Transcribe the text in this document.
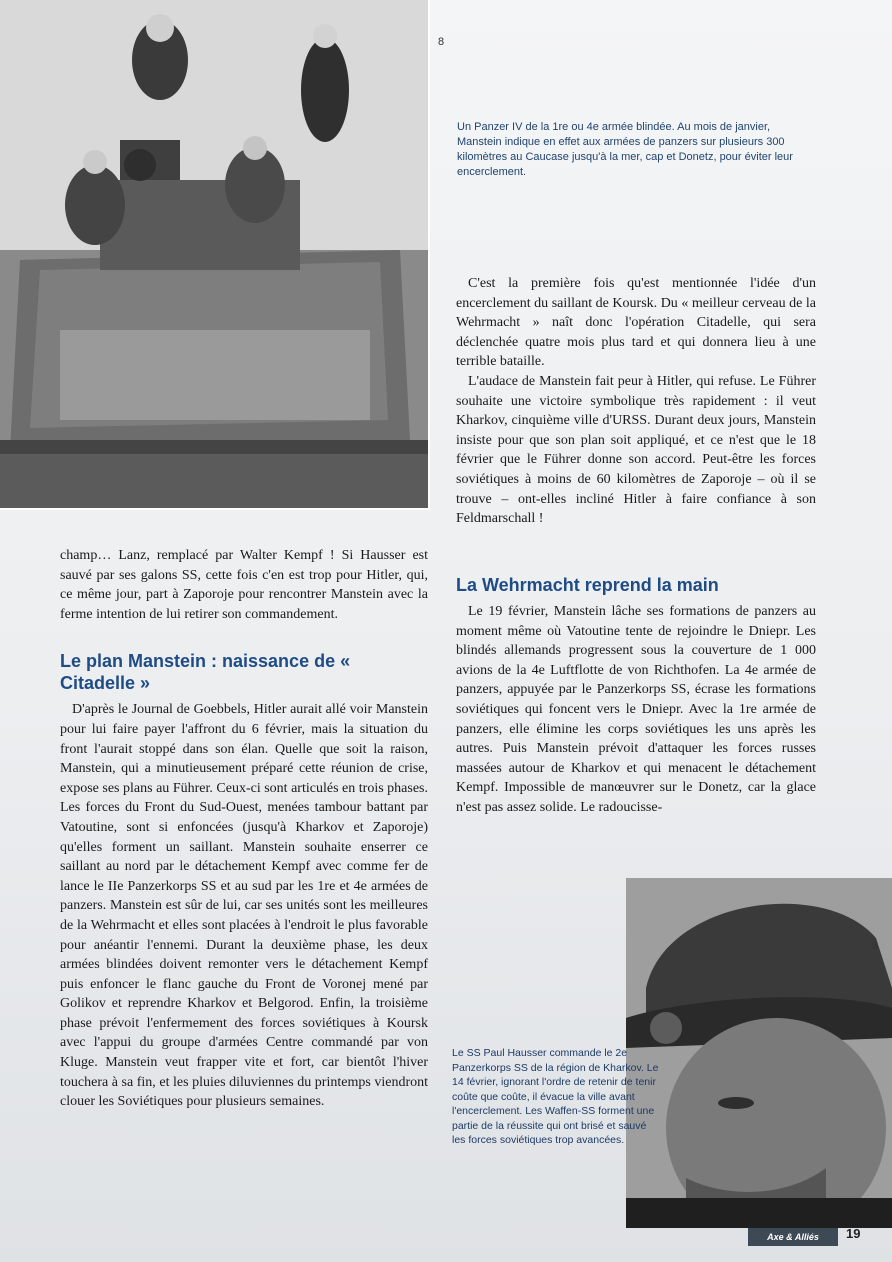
8
Un Panzer IV de la 1re ou 4e armée blindée. Au mois de janvier, Manstein indique en effet aux armées de panzers sur plusieurs 300 kilomètres au Caucase jusqu'à la mer, cap et Donetz, pour éviter leur encerclement.

C'est la première fois qu'est mentionnée l'idée d'un encerclement du saillant de Koursk. Du « meilleur cerveau de la Wehrmacht » naît donc l'opération Citadelle, qui sera déclenchée quatre mois plus tard et qui donnera lieu à une terrible bataille.

L'audace de Manstein fait peur à Hitler, qui refuse. Le Führer souhaite une victoire symbolique très rapidement : il veut Kharkov, cinquième ville d'URSS. Durant deux jours, Manstein insiste pour que son plan soit appliqué, et ce n'est que le 18 février que le Führer donne son accord. Peut-être les forces soviétiques à moins de 60 kilomètres de Zaporoje – où il se trouve – ont-elles incliné Hitler à faire confiance à son Feldmarschall !

champ… Lanz, remplacé par Walter Kempf ! Si Hausser est sauvé par ses galons SS, cette fois c'en est trop pour Hitler, qui, ce même jour, part à Zaporoje pour rencontrer Manstein avec la ferme intention de lui retirer son commandement.

Le plan Manstein : naissance de « Citadelle »

D'après le Journal de Goebbels, Hitler aurait allé voir Manstein pour lui faire payer l'affront du 6 février, mais la situation du front l'aurait stoppé dans son élan. Quelle que soit la raison, Manstein, qui a minutieusement préparé cette réunion de crise, expose ses plans au Führer. Ceux-ci sont articulés en trois phases. Les forces du Front du Sud-Ouest, menées tambour battant par Vatoutine, sont si enfoncées (jusqu'à Kharkov et Zaporoje) qu'elles forment un saillant. Manstein souhaite enserrer ce saillant au nord par le détachement Kempf avec comme fer de lance le IIe Panzerkorps SS et au sud par les 1re et 4e armées de panzers. Manstein est sûr de lui, car ses unités sont les meilleures de la Wehrmacht et elles sont placées à l'endroit le plus favorable pour anéantir l'ennemi. Durant la deuxième phase, les deux armées blindées doivent remonter vers le détachement Kempf puis enfoncer le flanc gauche du Front de Voronej mené par Golikov et reprendre Kharkov et Belgorod. Enfin, la troisième phase prévoit l'enfermement des forces soviétiques à Koursk avec l'appui du groupe d'armées Centre commandé par von Kluge. Manstein veut frapper vite et fort, car bientôt l'hiver touchera à sa fin, et les pluies diluviennes du printemps viendront clouer les Soviétiques pour plusieurs semaines.

La Wehrmacht reprend la main

Le 19 février, Manstein lâche ses formations de panzers au moment même où Vatoutine tente de rejoindre le Dniepr. Les blindés allemands progressent sous la couverture de 1 000 avions de la 4e Luftflotte de von Richthofen. La 4e armée de panzers, appuyée par le Panzerkorps SS, écrase les formations soviétiques qui foncent vers le Dniepr. Avec la 1re armée de panzers, elle élimine les corps soviétiques les uns après les autres. Puis Manstein prévoit d'attaquer les forces russes massées autour de Kharkov et qui menacent le détachement Kempf. Impossible de manœuvrer sur le Donetz, car la glace n'est pas assez solide. Le radoucisse-

9
Le SS Paul Hausser commande le 2e Panzerkorps SS de la région de Kharkov. Le 14 février, ignorant l'ordre de retenir de tenir coûte que coûte, il évacue la ville avant l'encerclement. Les Waffen-SS forment une partie de la réussite qui ont brisé et sauvé les forces soviétiques trop avancées.
Axe & Alliés	19
